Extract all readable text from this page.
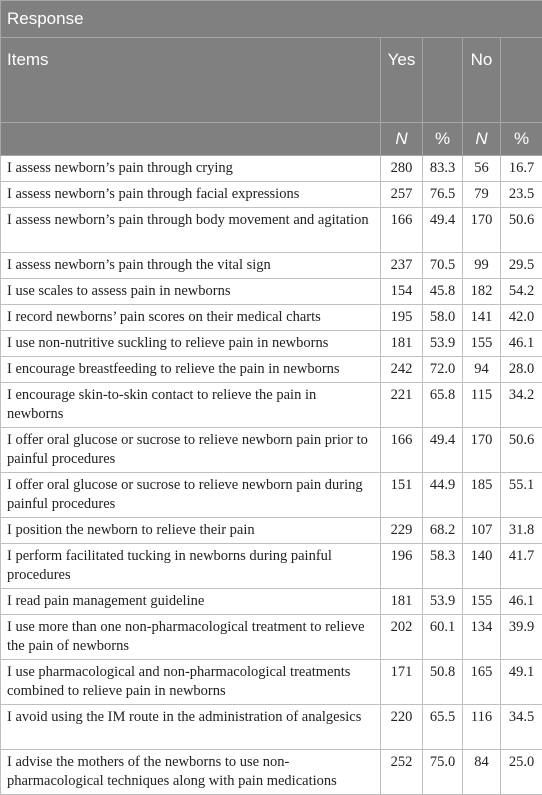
Response				
Items	Yes		No	
	N	%	N	%
I assess newborn’s pain through crying	280	83.3	56	16.7
I assess newborn’s pain through facial expressions	257	76.5	79	23.5
I assess newborn’s pain through body movement and agitation	166	49.4	170	50.6
I assess newborn’s pain through the vital sign	237	70.5	99	29.5
I use scales to assess pain in newborns	154	45.8	182	54.2
I record newborns’ pain scores on their medical charts	195	58.0	141	42.0
I use non-nutritive suckling to relieve pain in newborns	181	53.9	155	46.1
I encourage breastfeeding to relieve the pain in newborns	242	72.0	94	28.0
I encourage skin-to-skin contact to relieve the pain in newborns	221	65.8	115	34.2
I offer oral glucose or sucrose to relieve newborn pain prior to painful procedures	166	49.4	170	50.6
I offer oral glucose or sucrose to relieve newborn pain during painful procedures	151	44.9	185	55.1
I position the newborn to relieve their pain	229	68.2	107	31.8
I perform facilitated tucking in newborns during painful procedures	196	58.3	140	41.7
I read pain management guideline	181	53.9	155	46.1
I use more than one non-pharmacological treatment to relieve the pain of newborns	202	60.1	134	39.9
I use pharmacological and non-pharmacological treatments combined to relieve pain in newborns	171	50.8	165	49.1
I avoid using the IM route in the administration of analgesics	220	65.5	116	34.5
I advise the mothers of the newborns to use non-pharmacological techniques along with pain medications	252	75.0	84	25.0
